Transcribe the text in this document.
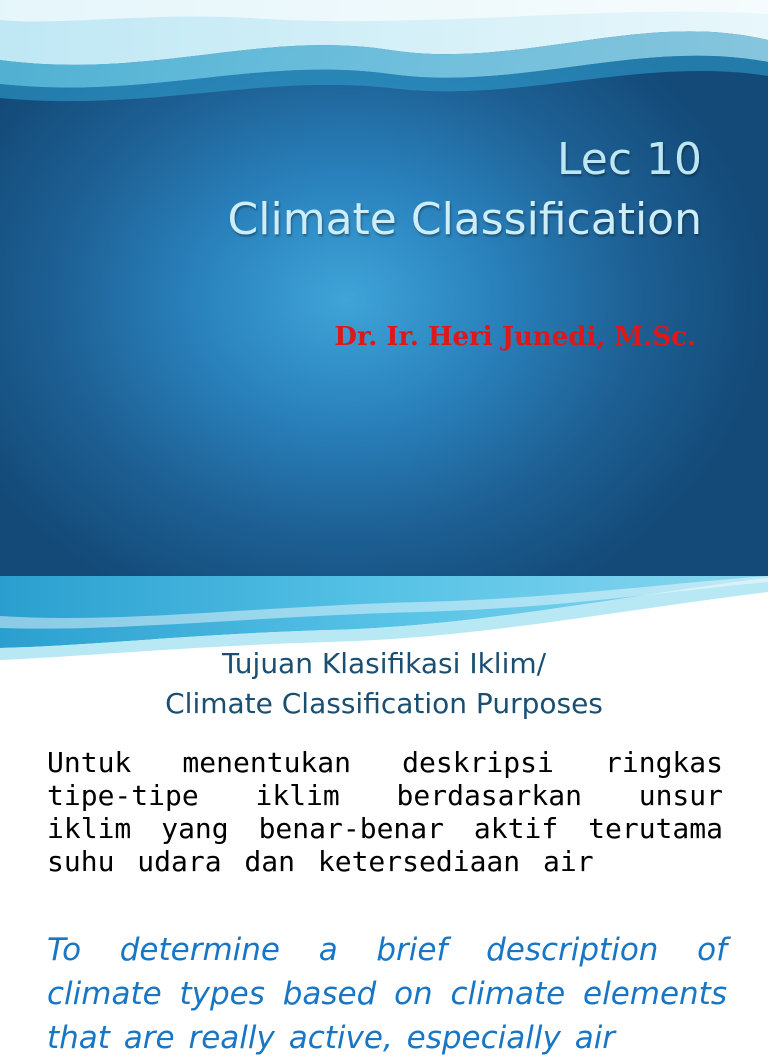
Lec 10
Climate Classification
Dr. Ir. Heri Junedi, M.Sc.
Tujuan Klasifikasi Iklim/
Climate Classification Purposes
Untuk menentukan deskripsi ringkas tipe-tipe iklim berdasarkan unsur iklim yang benar-benar aktif terutama suhu udara dan ketersediaan air
To determine a brief description of climate types based on climate elements that are really active, especially air
